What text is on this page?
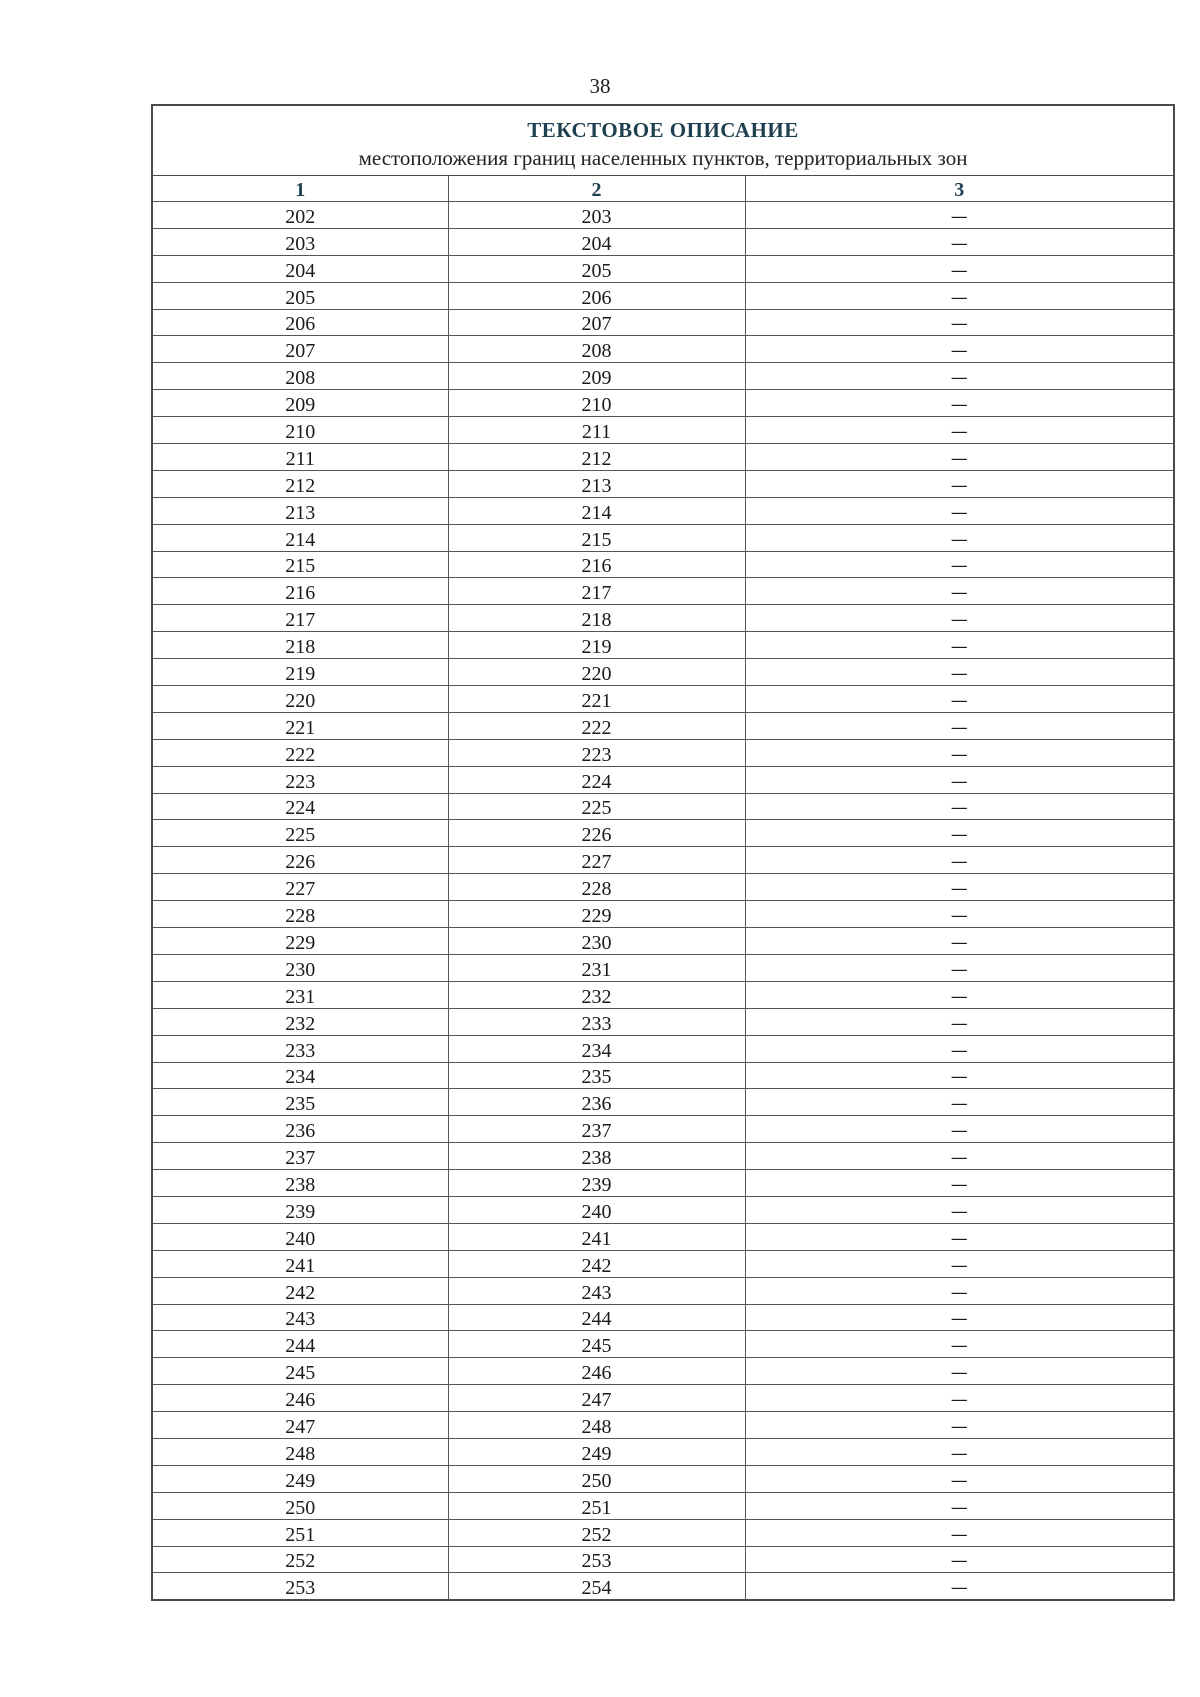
38
ТЕКСТОВОЕ ОПИСАНИЕ
местоположения границ населенных пунктов, территориальных зон
1	2	3
202	203	—
203	204	—
204	205	—
205	206	—
206	207	—
207	208	—
208	209	—
209	210	—
210	211	—
211	212	—
212	213	—
213	214	—
214	215	—
215	216	—
216	217	—
217	218	—
218	219	—
219	220	—
220	221	—
221	222	—
222	223	—
223	224	—
224	225	—
225	226	—
226	227	—
227	228	—
228	229	—
229	230	—
230	231	—
231	232	—
232	233	—
233	234	—
234	235	—
235	236	—
236	237	—
237	238	—
238	239	—
239	240	—
240	241	—
241	242	—
242	243	—
243	244	—
244	245	—
245	246	—
246	247	—
247	248	—
248	249	—
249	250	—
250	251	—
251	252	—
252	253	—
253	254	—
